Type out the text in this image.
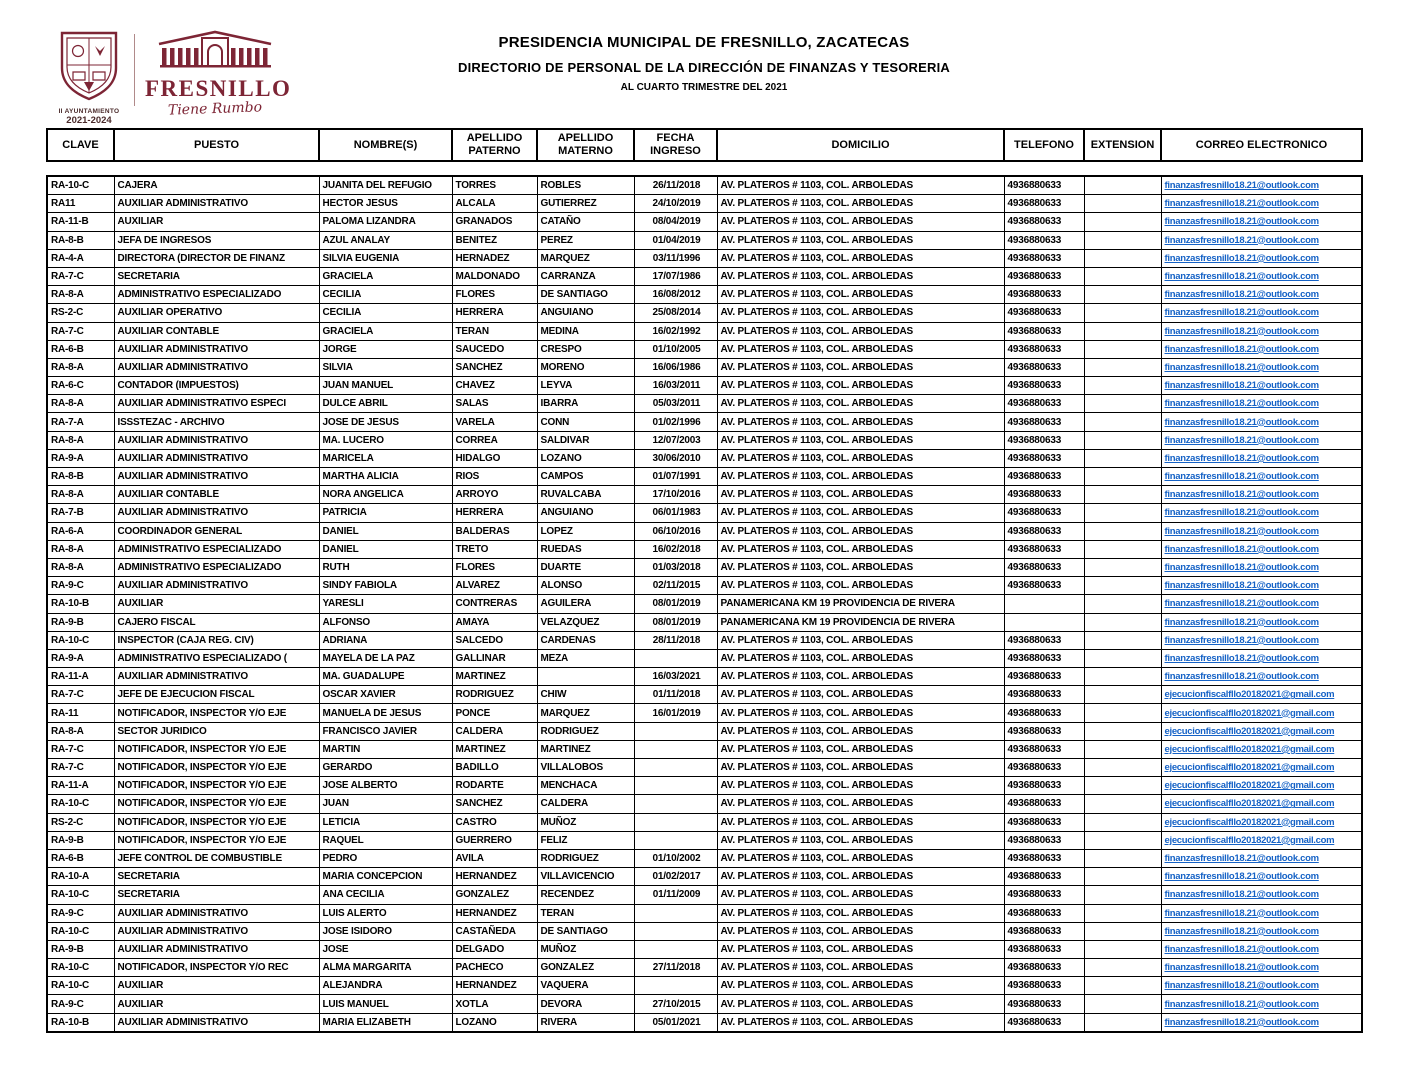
II AYUNTAMIENTO
2021-2024
FRESNILLO
Tiene Rumbo
PRESIDENCIA MUNICIPAL DE FRESNILLO, ZACATECAS
DIRECTORIO DE PERSONAL DE LA DIRECCIÓN DE FINANZAS Y TESORERIA
AL CUARTO TRIMESTRE DEL 2021
CLAVE	PUESTO	NOMBRE(S)	APELLIDO PATERNO	APELLIDO MATERNO	FECHA INGRESO	DOMICILIO	TELEFONO	EXTENSION	CORREO ELECTRONICO
RA-10-C	CAJERA	JUANITA DEL REFUGIO	TORRES	ROBLES	26/11/2018	AV. PLATEROS # 1103, COL. ARBOLEDAS	4936880633		finanzasfresnillo18.21@outlook.com
RA11	AUXILIAR ADMINISTRATIVO	HECTOR JESUS	ALCALA	GUTIERREZ	24/10/2019	AV. PLATEROS # 1103, COL. ARBOLEDAS	4936880633		finanzasfresnillo18.21@outlook.com
RA-11-B	AUXILIAR	PALOMA LIZANDRA	GRANADOS	CATAÑO	08/04/2019	AV. PLATEROS # 1103, COL. ARBOLEDAS	4936880633		finanzasfresnillo18.21@outlook.com
RA-8-B	JEFA DE INGRESOS	AZUL ANALAY	BENITEZ	PEREZ	01/04/2019	AV. PLATEROS # 1103, COL. ARBOLEDAS	4936880633		finanzasfresnillo18.21@outlook.com
RA-4-A	DIRECTORA (DIRECTOR DE FINANZ	SILVIA EUGENIA	HERNADEZ	MARQUEZ	03/11/1996	AV. PLATEROS # 1103, COL. ARBOLEDAS	4936880633		finanzasfresnillo18.21@outlook.com
RA-7-C	SECRETARIA	GRACIELA	MALDONADO	CARRANZA	17/07/1986	AV. PLATEROS # 1103, COL. ARBOLEDAS	4936880633		finanzasfresnillo18.21@outlook.com
RA-8-A	ADMINISTRATIVO ESPECIALIZADO	CECILIA	FLORES	DE SANTIAGO	16/08/2012	AV. PLATEROS # 1103, COL. ARBOLEDAS	4936880633		finanzasfresnillo18.21@outlook.com
RS-2-C	AUXILIAR OPERATIVO	CECILIA	HERRERA	ANGUIANO	25/08/2014	AV. PLATEROS # 1103, COL. ARBOLEDAS	4936880633		finanzasfresnillo18.21@outlook.com
RA-7-C	AUXILIAR CONTABLE	GRACIELA	TERAN	MEDINA	16/02/1992	AV. PLATEROS # 1103, COL. ARBOLEDAS	4936880633		finanzasfresnillo18.21@outlook.com
RA-6-B	AUXILIAR ADMINISTRATIVO	JORGE	SAUCEDO	CRESPO	01/10/2005	AV. PLATEROS # 1103, COL. ARBOLEDAS	4936880633		finanzasfresnillo18.21@outlook.com
RA-8-A	AUXILIAR ADMINISTRATIVO	SILVIA	SANCHEZ	MORENO	16/06/1986	AV. PLATEROS # 1103, COL. ARBOLEDAS	4936880633		finanzasfresnillo18.21@outlook.com
RA-6-C	CONTADOR (IMPUESTOS)	JUAN MANUEL	CHAVEZ	LEYVA	16/03/2011	AV. PLATEROS # 1103, COL. ARBOLEDAS	4936880633		finanzasfresnillo18.21@outlook.com
RA-8-A	AUXILIAR ADMINISTRATIVO ESPECI	DULCE ABRIL	SALAS	IBARRA	05/03/2011	AV. PLATEROS # 1103, COL. ARBOLEDAS	4936880633		finanzasfresnillo18.21@outlook.com
RA-7-A	ISSSTEZAC - ARCHIVO	JOSE DE JESUS	VARELA	CONN	01/02/1996	AV. PLATEROS # 1103, COL. ARBOLEDAS	4936880633		finanzasfresnillo18.21@outlook.com
RA-8-A	AUXILIAR ADMINISTRATIVO	MA. LUCERO	CORREA	SALDIVAR	12/07/2003	AV. PLATEROS # 1103, COL. ARBOLEDAS	4936880633		finanzasfresnillo18.21@outlook.com
RA-9-A	AUXILIAR ADMINISTRATIVO	MARICELA	HIDALGO	LOZANO	30/06/2010	AV. PLATEROS # 1103, COL. ARBOLEDAS	4936880633		finanzasfresnillo18.21@outlook.com
RA-8-B	AUXILIAR ADMINISTRATIVO	MARTHA ALICIA	RIOS	CAMPOS	01/07/1991	AV. PLATEROS # 1103, COL. ARBOLEDAS	4936880633		finanzasfresnillo18.21@outlook.com
RA-8-A	AUXILIAR CONTABLE	NORA ANGELICA	ARROYO	RUVALCABA	17/10/2016	AV. PLATEROS # 1103, COL. ARBOLEDAS	4936880633		finanzasfresnillo18.21@outlook.com
RA-7-B	AUXILIAR ADMINISTRATIVO	PATRICIA	HERRERA	ANGUIANO	06/01/1983	AV. PLATEROS # 1103, COL. ARBOLEDAS	4936880633		finanzasfresnillo18.21@outlook.com
RA-6-A	COORDINADOR GENERAL	DANIEL	BALDERAS	LOPEZ	06/10/2016	AV. PLATEROS # 1103, COL. ARBOLEDAS	4936880633		finanzasfresnillo18.21@outlook.com
RA-8-A	ADMINISTRATIVO ESPECIALIZADO	DANIEL	TRETO	RUEDAS	16/02/2018	AV. PLATEROS # 1103, COL. ARBOLEDAS	4936880633		finanzasfresnillo18.21@outlook.com
RA-8-A	ADMINISTRATIVO ESPECIALIZADO	RUTH	FLORES	DUARTE	01/03/2018	AV. PLATEROS # 1103, COL. ARBOLEDAS	4936880633		finanzasfresnillo18.21@outlook.com
RA-9-C	AUXILIAR ADMINISTRATIVO	SINDY FABIOLA	ALVAREZ	ALONSO	02/11/2015	AV. PLATEROS # 1103, COL. ARBOLEDAS	4936880633		finanzasfresnillo18.21@outlook.com
RA-10-B	AUXILIAR	YARESLI	CONTRERAS	AGUILERA	08/01/2019	PANAMERICANA KM 19 PROVIDENCIA DE RIVERA			finanzasfresnillo18.21@outlook.com
RA-9-B	CAJERO FISCAL	ALFONSO	AMAYA	VELAZQUEZ	08/01/2019	PANAMERICANA KM 19 PROVIDENCIA DE RIVERA			finanzasfresnillo18.21@outlook.com
RA-10-C	INSPECTOR (CAJA REG. CIV)	ADRIANA	SALCEDO	CARDENAS	28/11/2018	AV. PLATEROS # 1103, COL. ARBOLEDAS	4936880633		finanzasfresnillo18.21@outlook.com
RA-9-A	ADMINISTRATIVO ESPECIALIZADO (	MAYELA DE LA PAZ	GALLINAR	MEZA		AV. PLATEROS # 1103, COL. ARBOLEDAS	4936880633		finanzasfresnillo18.21@outlook.com
RA-11-A	AUXILIAR ADMINISTRATIVO	MA. GUADALUPE	MARTINEZ		16/03/2021	AV. PLATEROS # 1103, COL. ARBOLEDAS	4936880633		finanzasfresnillo18.21@outlook.com
RA-7-C	JEFE DE EJECUCION FISCAL	OSCAR XAVIER	RODRIGUEZ	CHIW	01/11/2018	AV. PLATEROS # 1103, COL. ARBOLEDAS	4936880633		ejecucionfiscalfllo20182021@gmail.com
RA-11	NOTIFICADOR, INSPECTOR Y/O EJE	MANUELA DE JESUS	PONCE	MARQUEZ	16/01/2019	AV. PLATEROS # 1103, COL. ARBOLEDAS	4936880633		ejecucionfiscalfllo20182021@gmail.com
RA-8-A	SECTOR JURIDICO	FRANCISCO JAVIER	CALDERA	RODRIGUEZ		AV. PLATEROS # 1103, COL. ARBOLEDAS	4936880633		ejecucionfiscalfllo20182021@gmail.com
RA-7-C	NOTIFICADOR, INSPECTOR Y/O EJE	MARTIN	MARTINEZ	MARTINEZ		AV. PLATEROS # 1103, COL. ARBOLEDAS	4936880633		ejecucionfiscalfllo20182021@gmail.com
RA-7-C	NOTIFICADOR, INSPECTOR Y/O EJE	GERARDO	BADILLO	VILLALOBOS		AV. PLATEROS # 1103, COL. ARBOLEDAS	4936880633		ejecucionfiscalfllo20182021@gmail.com
RA-11-A	NOTIFICADOR, INSPECTOR Y/O EJE	JOSE ALBERTO	RODARTE	MENCHACA		AV. PLATEROS # 1103, COL. ARBOLEDAS	4936880633		ejecucionfiscalfllo20182021@gmail.com
RA-10-C	NOTIFICADOR, INSPECTOR Y/O EJE	JUAN	SANCHEZ	CALDERA		AV. PLATEROS # 1103, COL. ARBOLEDAS	4936880633		ejecucionfiscalfllo20182021@gmail.com
RS-2-C	NOTIFICADOR, INSPECTOR Y/O EJE	LETICIA	CASTRO	MUÑOZ		AV. PLATEROS # 1103, COL. ARBOLEDAS	4936880633		ejecucionfiscalfllo20182021@gmail.com
RA-9-B	NOTIFICADOR, INSPECTOR Y/O EJE	RAQUEL	GUERRERO	FELIZ		AV. PLATEROS # 1103, COL. ARBOLEDAS	4936880633		ejecucionfiscalfllo20182021@gmail.com
RA-6-B	JEFE CONTROL DE COMBUSTIBLE	PEDRO	AVILA	RODRIGUEZ	01/10/2002	AV. PLATEROS # 1103, COL. ARBOLEDAS	4936880633		finanzasfresnillo18.21@outlook.com
RA-10-A	SECRETARIA	MARIA CONCEPCION	HERNANDEZ	VILLAVICENCIO	01/02/2017	AV. PLATEROS # 1103, COL. ARBOLEDAS	4936880633		finanzasfresnillo18.21@outlook.com
RA-10-C	SECRETARIA	ANA CECILIA	GONZALEZ	RECENDEZ	01/11/2009	AV. PLATEROS # 1103, COL. ARBOLEDAS	4936880633		finanzasfresnillo18.21@outlook.com
RA-9-C	AUXILIAR ADMINISTRATIVO	LUIS ALERTO	HERNANDEZ	TERAN		AV. PLATEROS # 1103, COL. ARBOLEDAS	4936880633		finanzasfresnillo18.21@outlook.com
RA-10-C	AUXILIAR ADMINISTRATIVO	JOSE ISIDORO	CASTAÑEDA	DE SANTIAGO		AV. PLATEROS # 1103, COL. ARBOLEDAS	4936880633		finanzasfresnillo18.21@outlook.com
RA-9-B	AUXILIAR ADMINISTRATIVO	JOSE	DELGADO	MUÑOZ		AV. PLATEROS # 1103, COL. ARBOLEDAS	4936880633		finanzasfresnillo18.21@outlook.com
RA-10-C	NOTIFICADOR, INSPECTOR Y/O REC	ALMA MARGARITA	PACHECO	GONZALEZ	27/11/2018	AV. PLATEROS # 1103, COL. ARBOLEDAS	4936880633		finanzasfresnillo18.21@outlook.com
RA-10-C	AUXILIAR	ALEJANDRA	HERNANDEZ	VAQUERA		AV. PLATEROS # 1103, COL. ARBOLEDAS	4936880633		finanzasfresnillo18.21@outlook.com
RA-9-C	AUXILIAR	LUIS MANUEL	XOTLA	DEVORA	27/10/2015	AV. PLATEROS # 1103, COL. ARBOLEDAS	4936880633		finanzasfresnillo18.21@outlook.com
RA-10-B	AUXILIAR ADMINISTRATIVO	MARIA ELIZABETH	LOZANO	RIVERA	05/01/2021	AV. PLATEROS # 1103, COL. ARBOLEDAS	4936880633		finanzasfresnillo18.21@outlook.com
